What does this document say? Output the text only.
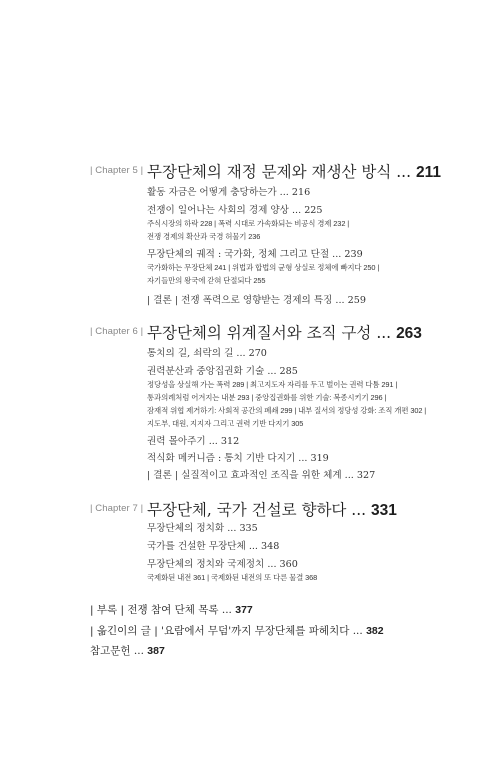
| Chapter 5 | 무장단체의 재정 문제와 재생산 방식 ... 211
활동 자금은 어떻게 충당하는가 ... 216
전쟁이 일어나는 사회의 경제 양상 ... 225
주식시장의 하락 228 | 폭력 시대로 가속화되는 비공식 경제 232 |
전쟁 경제의 확산과 국경 허물기 236
무장단체의 궤적 : 국가화, 정체 그리고 단절 ... 239
국가화하는 무장단체 241 | 위법과 합법의 균형 상실로 정체에 빠지다 250 |
자기들만의 왕국에 갇혀 단절되다 255
| 결론 | 전쟁 폭력으로 영향받는 경제의 특징 ... 259
| Chapter 6 | 무장단체의 위계질서와 조직 구성 ... 263
통치의 길, 쇠락의 길 ... 270
권력분산과 중앙집권화 기술 ... 285
정당성을 상실해 가는 폭력 289 | 최고지도자 자리를 두고 벌이는 권력 다툼 291 |
통과의례처럼 어겨지는 내분 293 | 중앙집권화를 위한 기술: 복종시키기 296 |
잠재적 위협 제거하기: 사회적 공간의 폐쇄 299 | 내부 질서의 정당성 강화: 조직 개편 302 |
지도부, 대원, 지지자 그리고 권력 기반 다지기 305
권력 몰아주기 ... 312
적식화 메커니즘 : 통치 기반 다지기 ... 319
| 결론 | 실질적이고 효과적인 조직을 위한 체계 ... 327
| Chapter 7 | 무장단체, 국가 건설로 향하다 ... 331
무장단체의 정치화 ... 335
국가를 건설한 무장단체 ... 348
무장단체의 정치와 국제정치 ... 360
국제화된 내전 361 | 국제화된 내전의 또 다른 물결 368
| 부록 | 전쟁 참여 단체 목록 ... 377
| 옮긴이의 글 | '요람에서 무덤'까지 무장단체를 파헤치다 ... 382
참고문헌 ... 387
